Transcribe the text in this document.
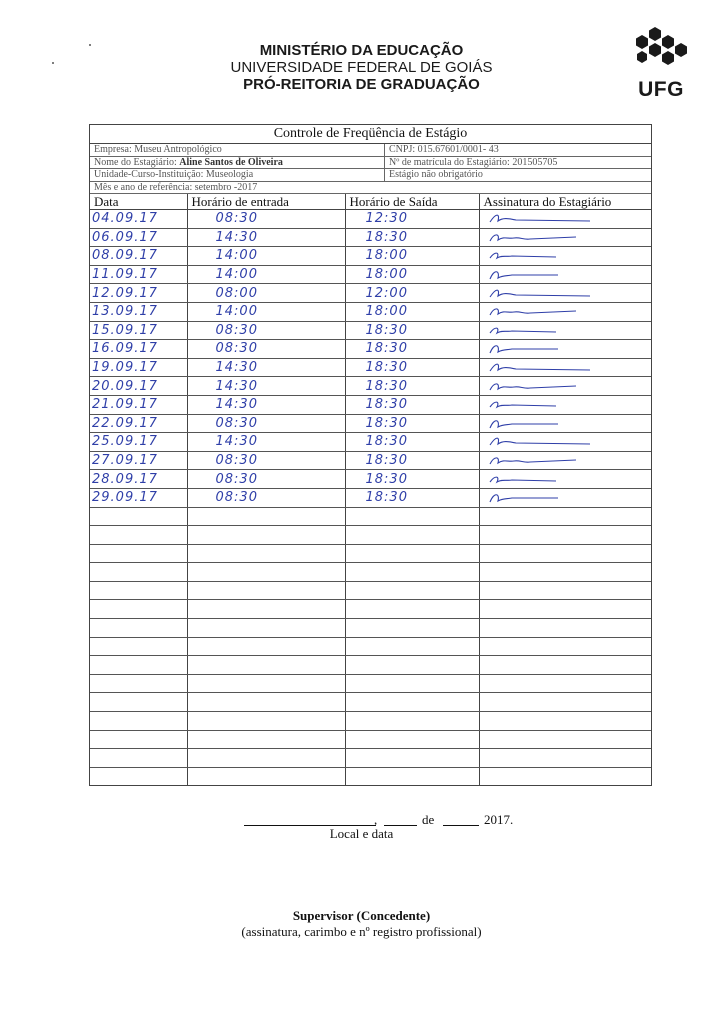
MINISTÉRIO DA EDUCAÇÃO
UNIVERSIDADE FEDERAL DE GOIÁS
PRÓ-REITORIA DE GRADUAÇÃO	UFG
Controle de Freqüência de Estágio
Empresa: Museu Antropológico	CNPJ: 015.67601/0001- 43
Nome do Estagiário: Aline Santos de Oliveira	Nº de matrícula do Estagiário: 201505705
Unidade-Curso-Instituição: Museologia	Estágio não obrigatório
Mês e ano de referência: setembro -2017
Data	Horário de entrada	Horário de Saída	Assinatura do Estagiário
04.09.17	08:30	12:30	

06.09.17	14:30	18:30	

08.09.17	14:00	18:00	

11.09.17	14:00	18:00	

12.09.17	08:00	12:00	

13.09.17	14:00	18:00	

15.09.17	08:30	18:30	

16.09.17	08:30	18:30	

19.09.17	14:30	18:30	

20.09.17	14:30	18:30	

21.09.17	14:30	18:30	

22.09.17	08:30	18:30	

25.09.17	14:30	18:30	

27.09.17	08:30	18:30	

28.09.17	08:30	18:30	

29.09.17	08:30	18:30	

,	de	2017.
Local e data
Supervisor (Concedente)
(assinatura, carimbo e nº registro profissional)
